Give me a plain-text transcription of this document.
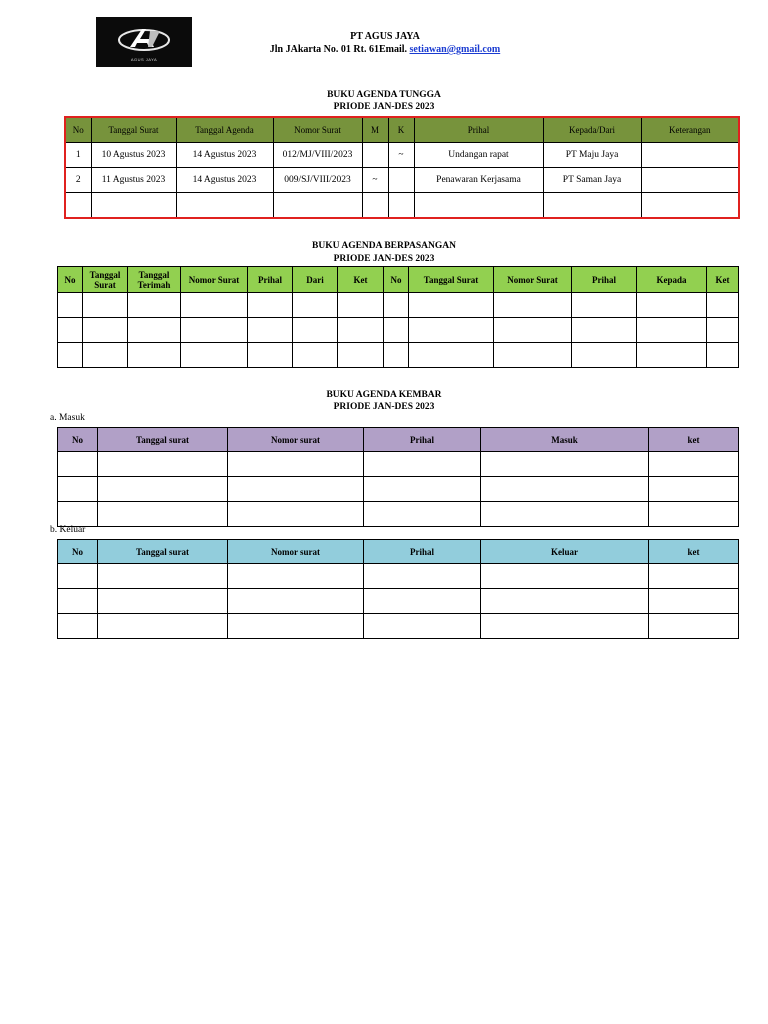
AGUS JAYA
PT AGUS JAYA
Jln JAkarta No. 01 Rt. 61Email. setiawan@gmail.com
BUKU AGENDA TUNGGA
PRIODE JAN-DES 2023
No	Tanggal Surat	Tanggal Agenda	Nomor Surat	M	K	Prihal	Kepada/Dari	Keterangan
1	10 Agustus 2023	14 Agustus 2023	012/MJ/VIII/2023		~	Undangan rapat	PT Maju Jaya	
2	11 Agustus 2023	14 Agustus 2023	009/SJ/VIII/2023	~		Penawaran Kerjasama	PT Saman Jaya	

BUKU AGENDA BERPASANGAN
PRIODE JAN-DES 2023
No	Tanggal Surat	Tanggal Terimah	Nomor Surat	Prihal	Dari	Ket	No	Tanggal Surat	Nomor Surat	Prihal	Kepada	Ket

BUKU AGENDA KEMBAR
PRIODE JAN-DES 2023
a. Masuk
No	Tanggal surat	Nomor surat	Prihal	Masuk	ket

b. Keluar
No	Tanggal surat	Nomor surat	Prihal	Keluar	ket
